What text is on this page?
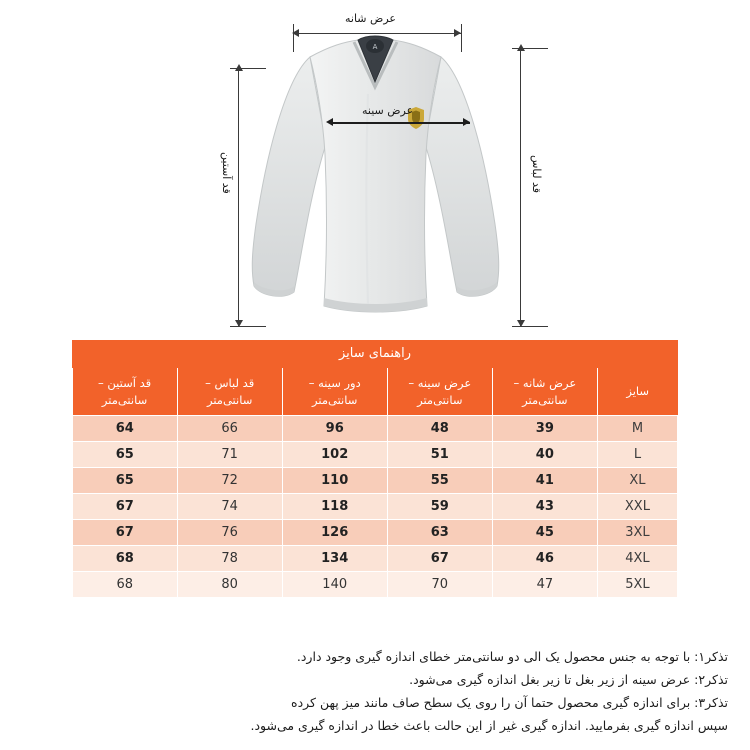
A
عرض شانه
عرض سینه
قد آستین	قد لباس
راهنمای سایز
سایز	عرض شانه – سانتی‌متر	عرض سینه – سانتی‌متر	دور سینه – سانتی‌متر	قد لباس – سانتی‌متر	قد آستین – سانتی‌متر
M	39	48	96	66	64
L	40	51	102	71	65
XL	41	55	110	72	65
XXL	43	59	118	74	67
3XL	45	63	126	76	67
4XL	46	67	134	78	68
5XL	47	70	140	80	68
تذکر۱: با توجه به جنس محصول یک الی دو سانتی‌متر خطای اندازه گیری وجود دارد.
تذکر۲: عرض سینه از زیر بغل تا زیر بغل اندازه گیری می‌شود.
تذکر۳: برای اندازه گیری محصول حتما آن را روی یک سطح صاف مانند میز پهن کرده
سپس اندازه گیری بفرمایید. اندازه گیری غیر از این حالت باعث خطا در اندازه گیری می‌شود.
